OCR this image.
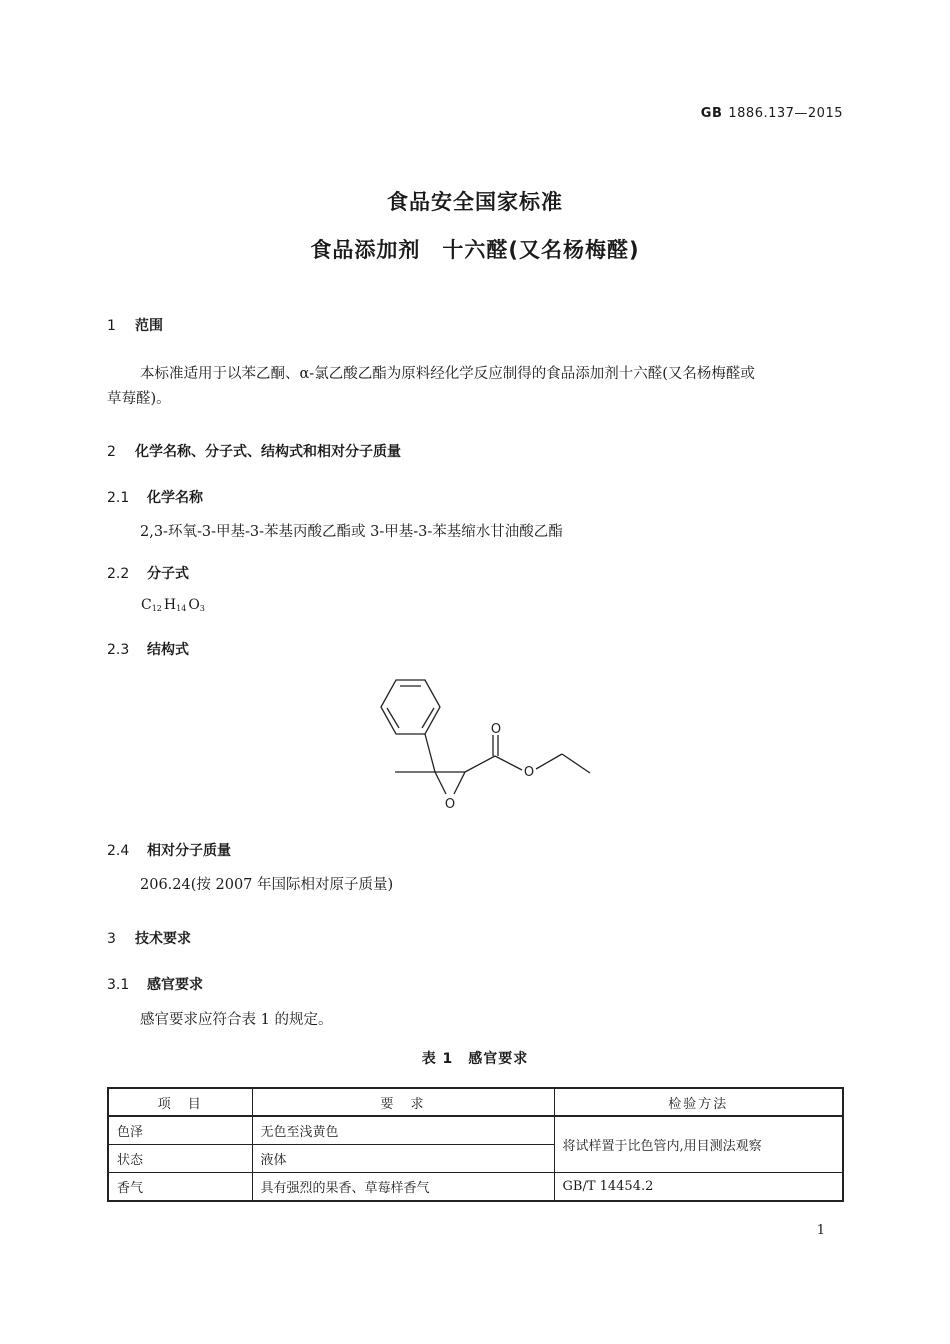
GB 1886.137—2015
食品安全国家标准
食品添加剂　十六醛(又名杨梅醛)
1 范围
本标准适用于以苯乙酮、α-氯乙酸乙酯为原料经化学反应制得的食品添加剂十六醛(又名杨梅醛或
草莓醛)。
2 化学名称、分子式、结构式和相对分子质量
2.1 化学名称
2,3-环氧-3-甲基-3-苯基丙酸乙酯或 3-甲基-3-苯基缩水甘油酸乙酯
2.2 分子式
$C_{12}$ $H_{14}$ $O_3$
2.3 结构式
O
O
O
2.4 相对分子质量
206.24(按 2007 年国际相对原子质量)
3 技术要求
3.1 感官要求
感官要求应符合表 1 的规定。
表 1　感官要求
项　目	要　求	检验方法
色泽	无色至浅黄色	将试样置于比色管内,用目测法观察
状态	液体	
香气	具有强烈的果香、草莓样香气	GB/T 14454.2
1
